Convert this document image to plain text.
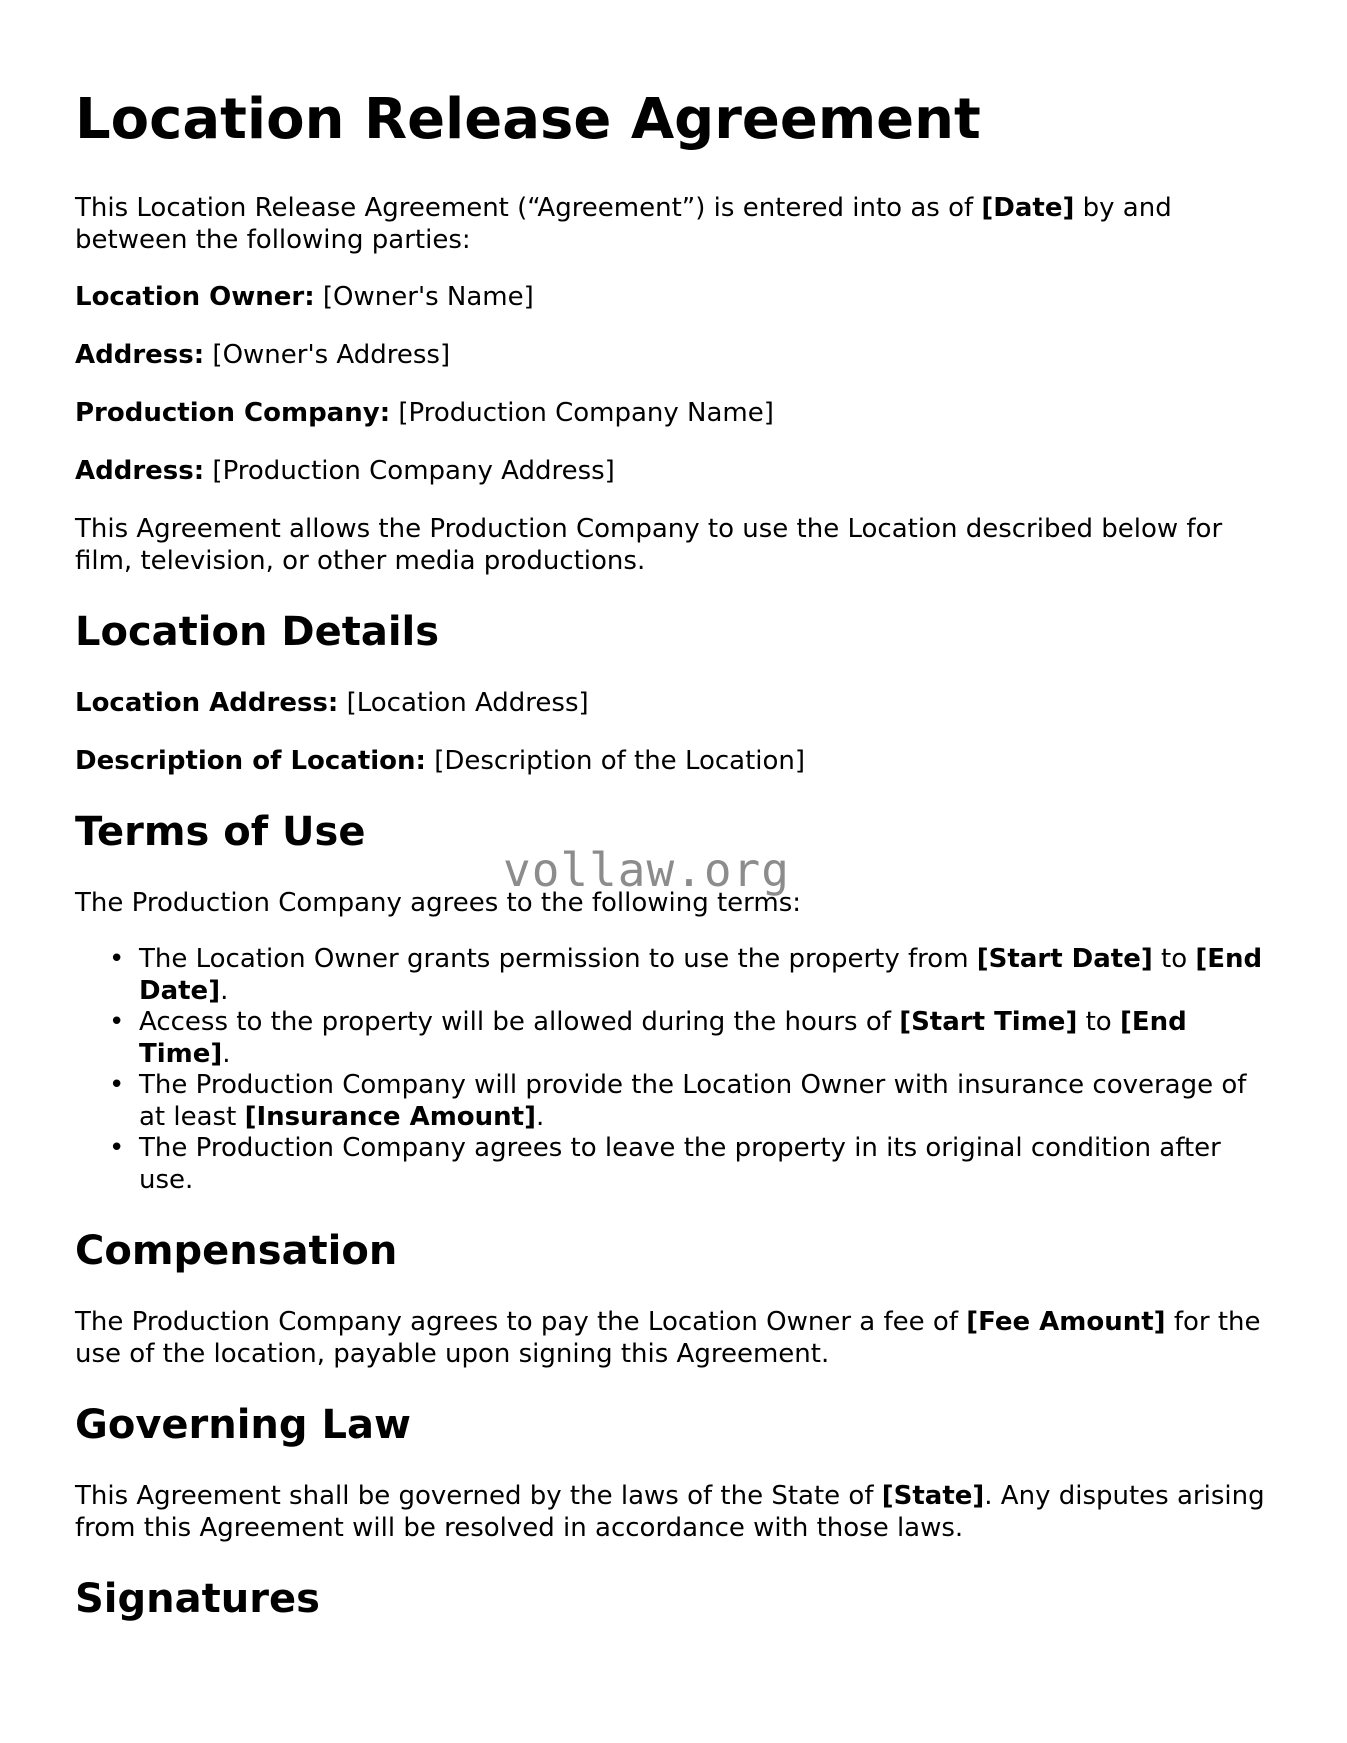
Location Release Agreement

This Location Release Agreement (“Agreement”) is entered into as of [Date] by and between the following parties:

Location Owner: [Owner's Name]

Address: [Owner's Address]

Production Company: [Production Company Name]

Address: [Production Company Address]

This Agreement allows the Production Company to use the Location described below for film, television, or other media productions.

Location Details

Location Address: [Location Address]

Description of Location: [Description of the Location]

Terms of Use

The Production Company agrees to the following terms:

• The Location Owner grants permission to use the property from [Start Date] to [End Date].
• Access to the property will be allowed during the hours of [Start Time] to [End Time].
• The Production Company will provide the Location Owner with insurance coverage of at least [Insurance Amount].
• The Production Company agrees to leave the property in its original condition after use.
Compensation

The Production Company agrees to pay the Location Owner a fee of [Fee Amount] for the use of the location, payable upon signing this Agreement.

Governing Law

This Agreement shall be governed by the laws of the State of [State]. Any disputes arising from this Agreement will be resolved in accordance with those laws.

Signatures
vollaw.org
